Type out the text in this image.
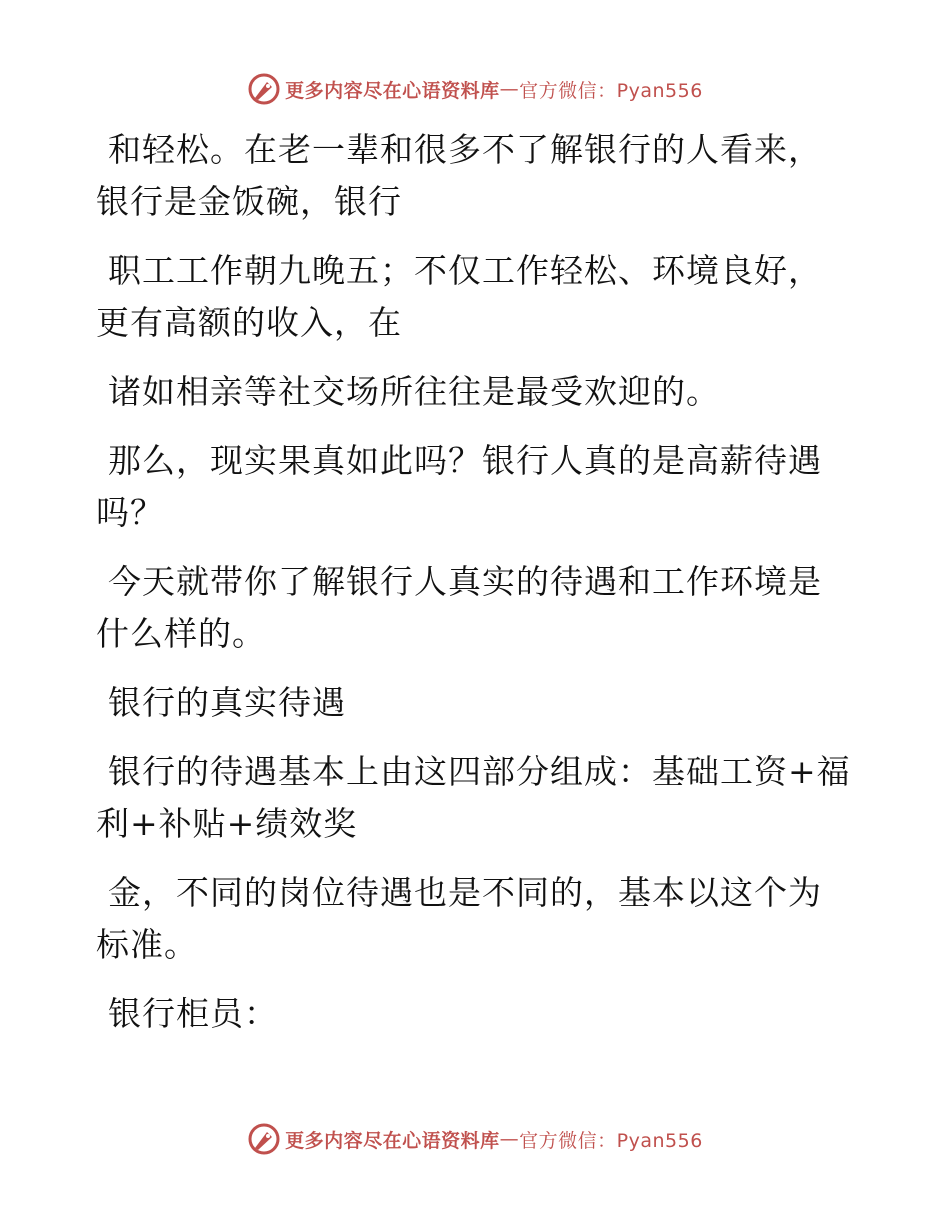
更多内容尽在心语资料库 — 官方微信：Pyan556
和轻松。在老一辈和很多不了解银行的人看来，
银行是金饭碗，银行
职工工作朝九晚五；不仅工作轻松、环境良好，
更有高额的收入，在
诸如相亲等社交场所往往是最受欢迎的。
那么，现实果真如此吗？银行人真的是高薪待遇
吗？
今天就带你了解银行人真实的待遇和工作环境是
什么样的。
银行的真实待遇
银行的待遇基本上由这四部分组成：基础工资+福
利+补贴+绩效奖
金，不同的岗位待遇也是不同的，基本以这个为
标准。
银行柜员：
更多内容尽在心语资料库 — 官方微信：Pyan556
